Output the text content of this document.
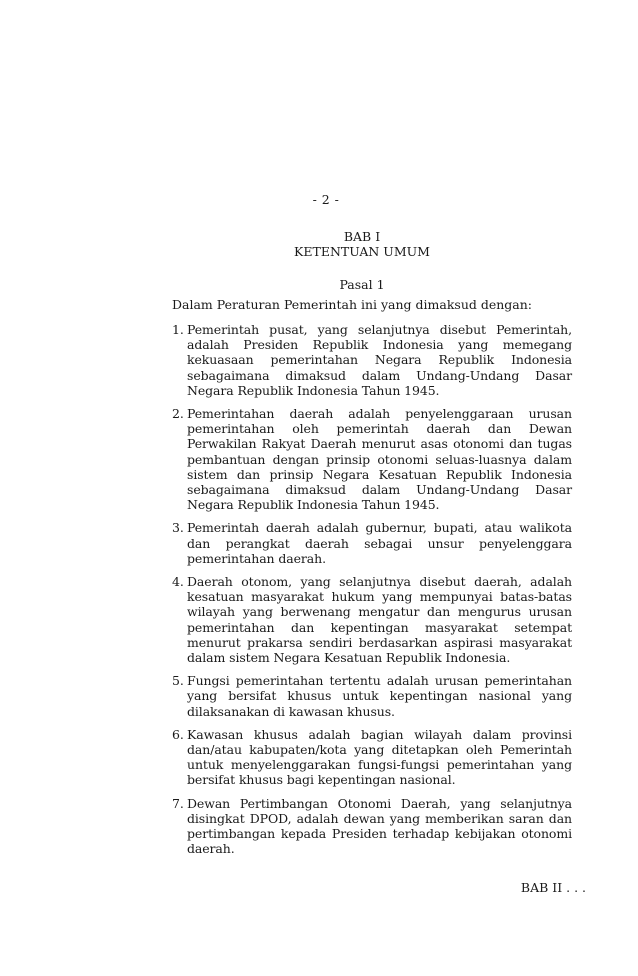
- 2 -
BAB I
KETENTUAN UMUM
Pasal 1
Dalam Peraturan Pemerintah ini yang dimaksud dengan:
1. Pemerintah pusat, yang selanjutnya disebut Pemerintah, adalah Presiden Republik Indonesia yang memegang kekuasaan pemerintahan Negara Republik Indonesia sebagaimana dimaksud dalam Undang-Undang Dasar Negara Republik Indonesia Tahun 1945.
2. Pemerintahan daerah adalah penyelenggaraan urusan pemerintahan oleh pemerintah daerah dan Dewan Perwakilan Rakyat Daerah menurut asas otonomi dan tugas pembantuan dengan prinsip otonomi seluas-luasnya dalam sistem dan prinsip Negara Kesatuan Republik Indonesia sebagaimana dimaksud dalam Undang-Undang Dasar Negara Republik Indonesia Tahun 1945.
3. Pemerintah daerah adalah gubernur, bupati, atau walikota dan perangkat daerah sebagai unsur penyelenggara pemerintahan daerah.
4. Daerah otonom, yang selanjutnya disebut daerah, adalah kesatuan masyarakat hukum yang mempunyai batas-batas wilayah yang berwenang mengatur dan mengurus urusan pemerintahan dan kepentingan masyarakat setempat menurut prakarsa sendiri berdasarkan aspirasi masyarakat dalam sistem Negara Kesatuan Republik Indonesia.
5. Fungsi pemerintahan tertentu adalah urusan pemerintahan yang bersifat khusus untuk kepentingan nasional yang dilaksanakan di kawasan khusus.
6. Kawasan khusus adalah bagian wilayah dalam provinsi dan/atau kabupaten/kota yang ditetapkan oleh Pemerintah untuk menyelenggarakan fungsi-fungsi pemerintahan yang bersifat khusus bagi kepentingan nasional.
7. Dewan Pertimbangan Otonomi Daerah, yang selanjutnya disingkat DPOD, adalah dewan yang memberikan saran dan pertimbangan kepada Presiden terhadap kebijakan otonomi daerah.
BAB II . . .
